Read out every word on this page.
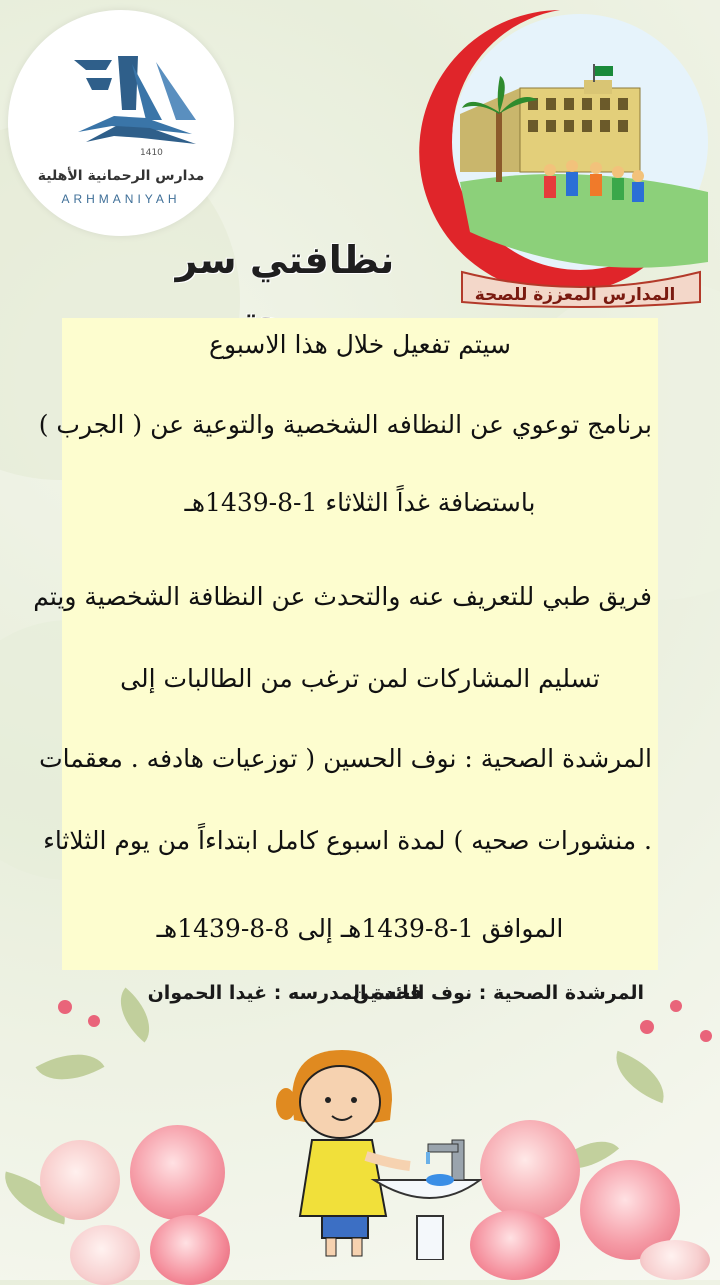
1410
مدارس الرحمانية الأهلية
ARHMANIYAH
المدارس المعززة للصحة
نظافتي سر
سيتم تفعيل خلال هذا الاسبوع
برنامج توعوي عن النظافه الشخصية والتوعية عن ( الجرب )
باستضافة غداً الثلاثاء 1-8-1439هـ
فريق طبي للتعريف عنه والتحدث عن النظافة الشخصية ويتم
تسليم المشاركات لمن ترغب من الطالبات إلى
المرشدة الصحية : نوف الحسين ( توزعيات هادفه . معقمات
. منشورات صحيه ) لمدة اسبوع كامل ابتداءاً من يوم الثلاثاء
الموافق 1-8-1439هـ إلى 8-8-1439هـ
المرشدة الصحية : نوف الحسين.
قائدة المدرسه : غيدا الحموان
